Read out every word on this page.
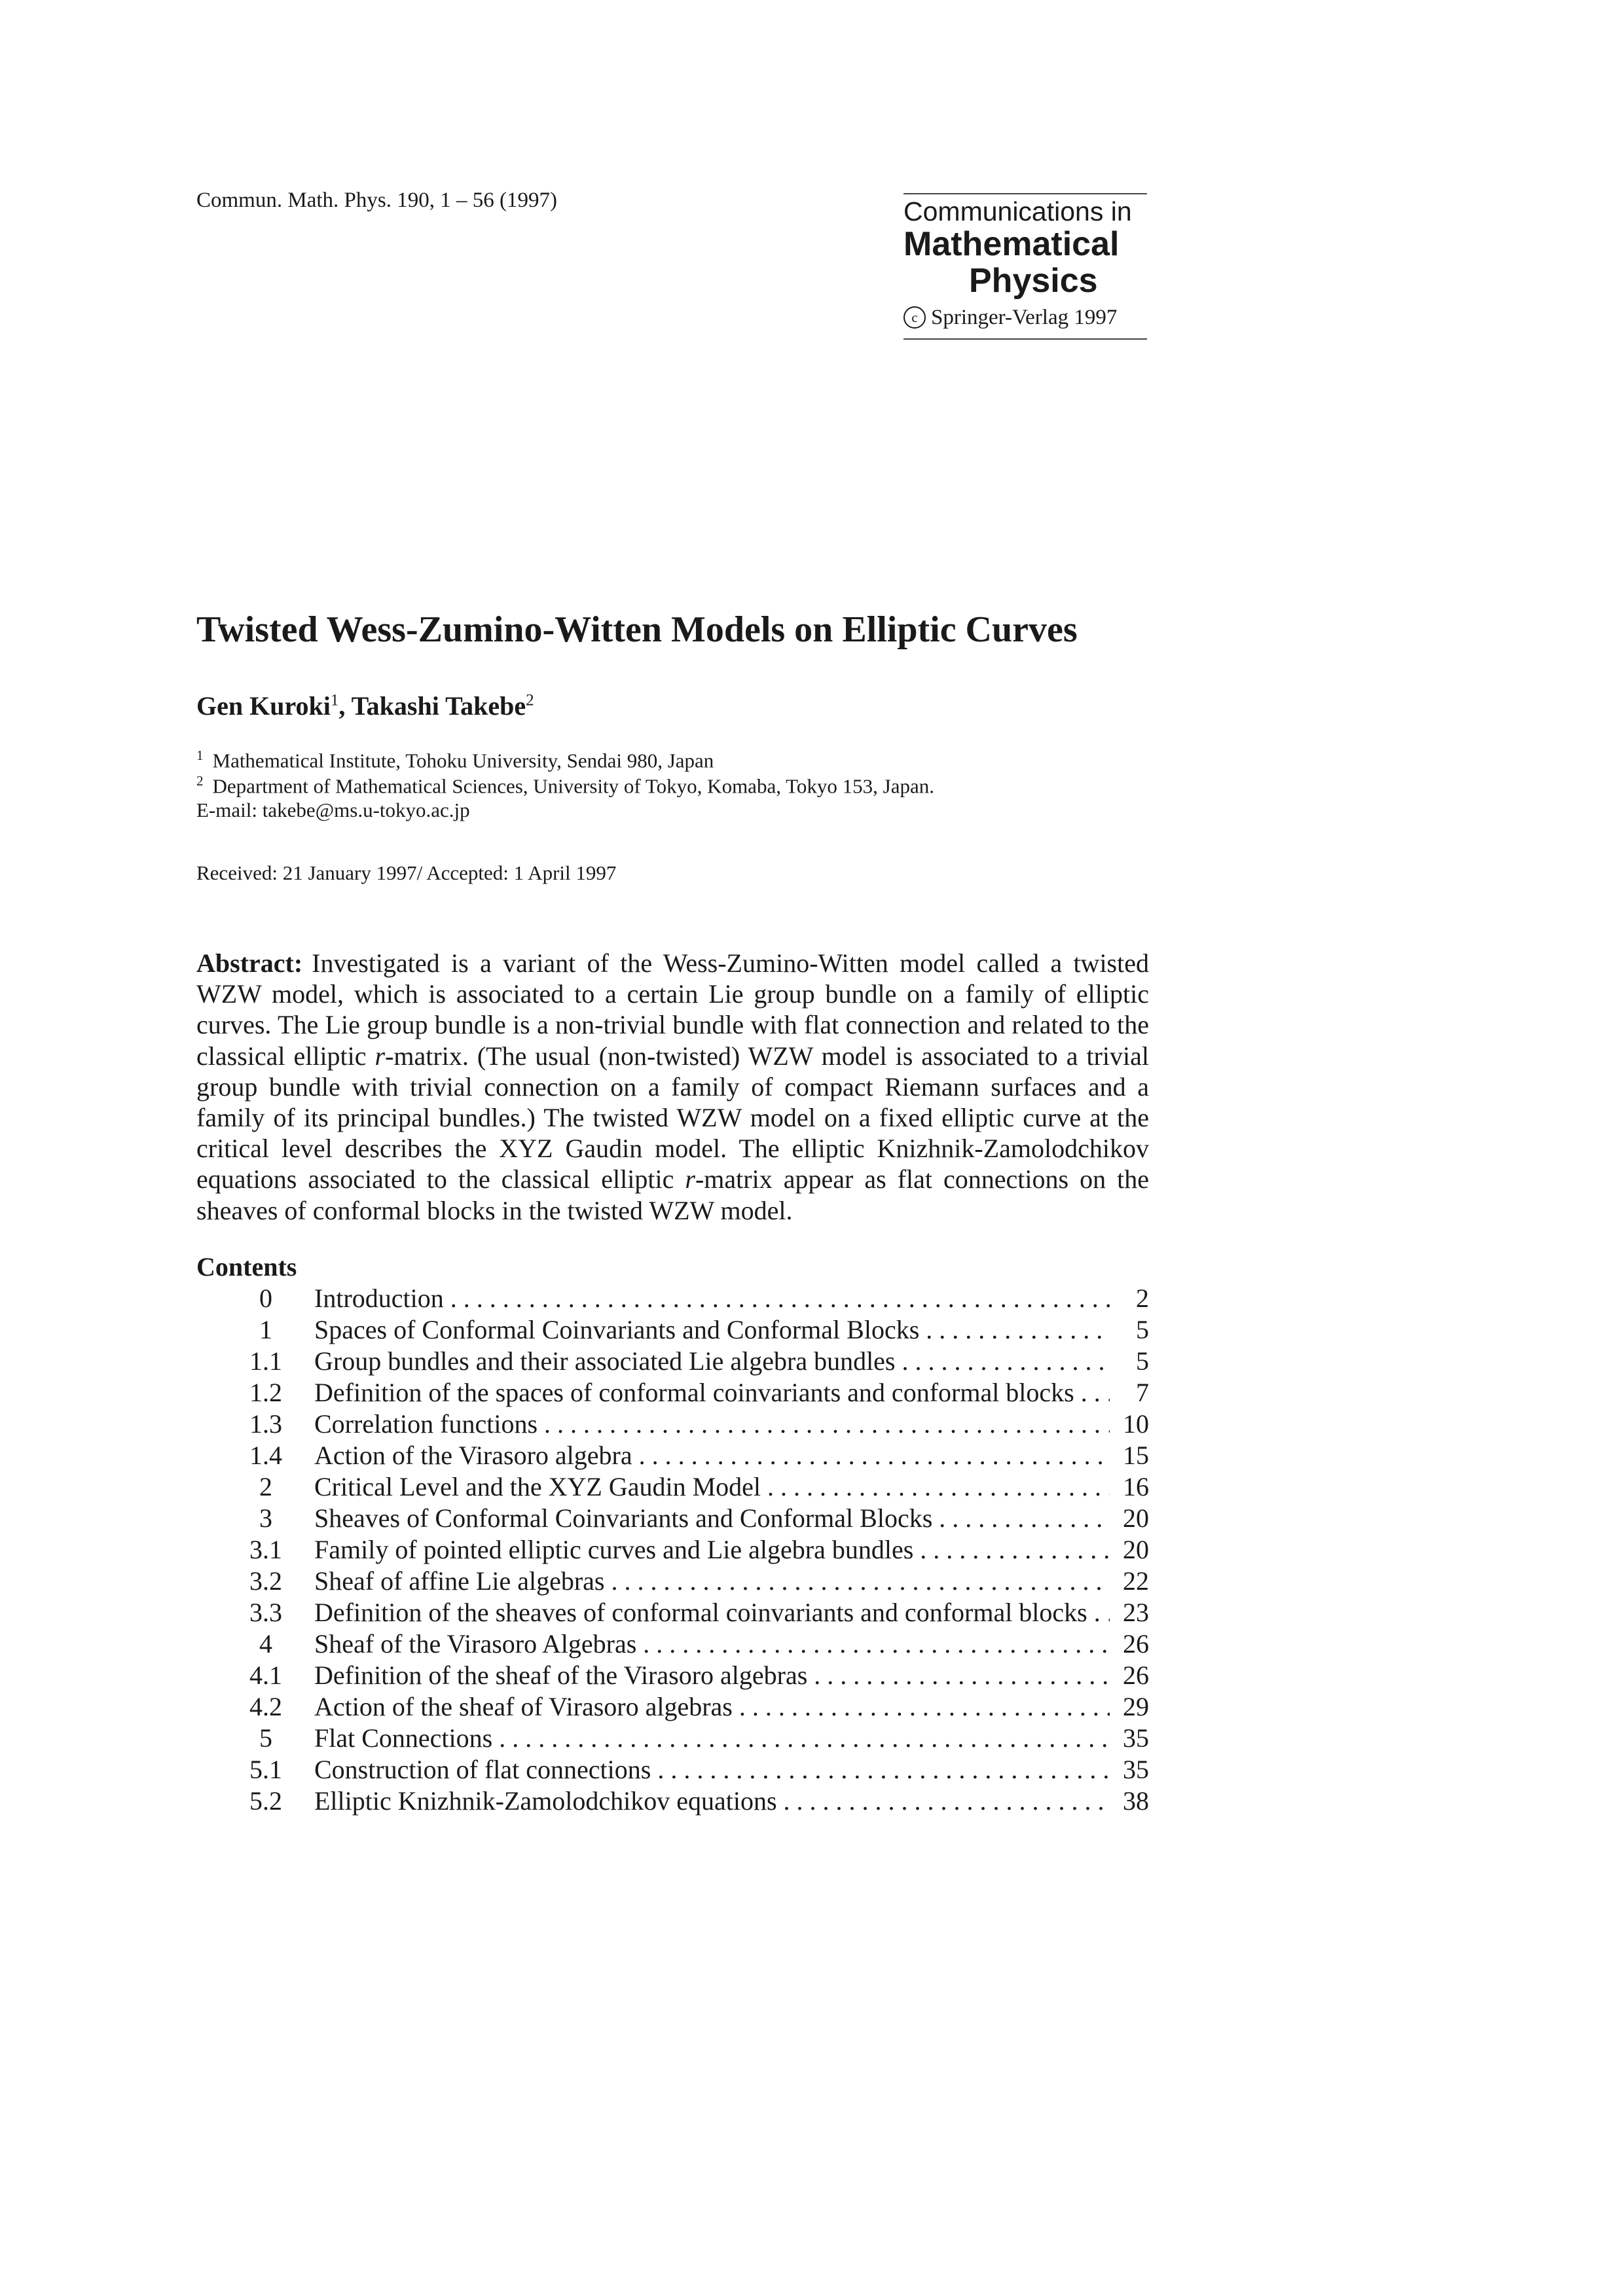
Commun. Math. Phys. 190, 1 – 56 (1997)	Communications in
Mathematical
Physics
c Springer-Verlag 1997
Twisted Wess-Zumino-Witten Models on Elliptic Curves
Gen Kuroki$^1$, Takashi Takebe$^2$
$^1$ Mathematical Institute, Tohoku University, Sendai 980, Japan
$^2$ Department of Mathematical Sciences, University of Tokyo, Komaba, Tokyo 153, Japan.
E-mail: takebe@ms.u-tokyo.ac.jp
Received: 21 January 1997/ Accepted: 1 April 1997
Abstract: Investigated is a variant of the Wess-Zumino-Witten model called a twisted WZW model, which is associated to a certain Lie group bundle on a family of elliptic curves. The Lie group bundle is a non-trivial bundle with flat connection and related to the classical elliptic r-matrix. (The usual (non-twisted) WZW model is associated to a trivial group bundle with trivial connection on a family of compact Riemann surfaces and a family of its principal bundles.) The twisted WZW model on a fixed elliptic curve at the critical level describes the XYZ Gaudin model. The elliptic Knizhnik-Zamolodchikov equations associated to the classical elliptic r-matrix appear as flat connections on the sheaves of conformal blocks in the twisted WZW model.
Contents
0	Introduction . . .	2
1	Spaces of Conformal Coinvariants and Conformal Blocks . . .	5
1.1 Group bundles and their associated Lie algebra bundles . . .	5
1.2 Definition of the spaces of conformal coinvariants and conformal blocks . . .	7
1.3 Correlation functions . . .	10
1.4 Action of the Virasoro algebra . . .	15
2	Critical Level and the XYZ Gaudin Model . . .	16
3	Sheaves of Conformal Coinvariants and Conformal Blocks . . .	20
3.1 Family of pointed elliptic curves and Lie algebra bundles . . .	20
3.2 Sheaf of affine Lie algebras . . .	22
3.3 Definition of the sheaves of conformal coinvariants and conformal blocks . . . 23
4	Sheaf of the Virasoro Algebras . . .	26
4.1 Definition of the sheaf of the Virasoro algebras . . .	26
4.2 Action of the sheaf of Virasoro algebras . . .	29
5	Flat Connections . . .	35
5.1 Construction of flat connections . . .	35
5.2 Elliptic Knizhnik-Zamolodchikov equations . . .	38
